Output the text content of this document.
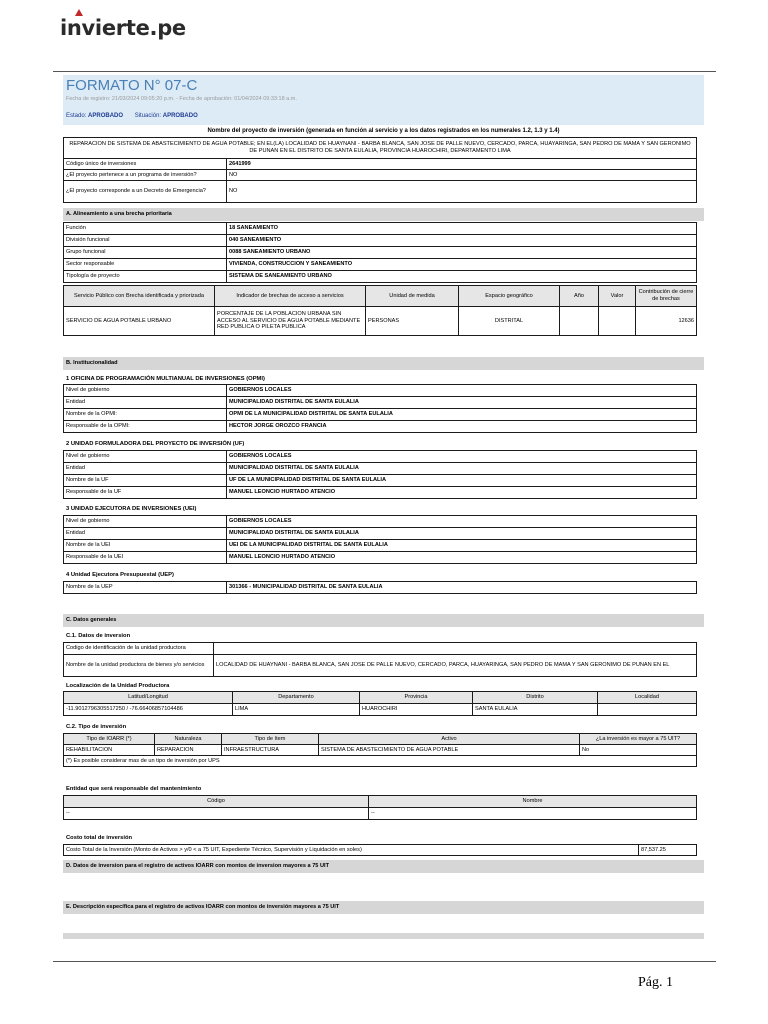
invierte.pe
FORMATO N° 07-C
Fecha de registro: 21/03/2024 09:05:20 p.m. - Fecha de aprobación: 01/04/2024 09:33:18 a.m.
Estado: APROBADO Situación: APROBADO
Nombre del proyecto de inversión (generada en función al servicio y a los datos registrados en los numerales 1.2, 1.3 y 1.4)
REPARACION DE SISTEMA DE ABASTECIMIENTO DE AGUA POTABLE; EN EL(LA) LOCALIDAD DE HUAYNANI - BARBA BLANCA, SAN JOSE DE PALLE NUEVO, CERCADO, PARCA, HUAYARINGA, SAN PEDRO DE MAMA Y SAN GERONIMO DE PUNAN EN EL DISTRITO DE SANTA EULALIA, PROVINCIA HUAROCHIRI, DEPARTAMENTO LIMA	
Código único de inversiones	2641999
¿El proyecto pertenece a un programa de inversión?	NO
¿El proyecto corresponde a un Decreto de Emergencia?	NO
A. Alineamiento a una brecha prioritaria
Función	18 SANEAMIENTO
División funcional	040 SANEAMIENTO
Grupo funcional	0088 SANEAMIENTO URBANO
Sector responsable	VIVIENDA, CONSTRUCCION Y SANEAMIENTO
Tipología de proyecto	SISTEMA DE SANEAMIENTO URBANO
Servicio Público con Brecha identificada y priorizada	Indicador de brechas de acceso a servicios	Unidad de medida	Espacio geográfico	Año	Valor	Contribución de cierre de brechas
SERVICIO DE AGUA POTABLE URBANO	PORCENTAJE DE LA POBLACION URBANA SIN ACCESO AL SERVICIO DE AGUA POTABLE MEDIANTE RED PUBLICA O PILETA PUBLICA	PERSONAS	DISTRITAL			12636
B. Institucionalidad
1 OFICINA DE PROGRAMACIÓN MULTIANUAL DE INVERSIONES (OPMI)
Nivel de gobierno	GOBIERNOS LOCALES
Entidad	MUNICIPALIDAD DISTRITAL DE SANTA EULALIA
Nombre de la OPMI:	OPMI DE LA MUNICIPALIDAD DISTRITAL DE SANTA EULALIA
Responsable de la OPMI:	HECTOR JORGE OROZCO FRANCIA
2 UNIDAD FORMULADORA DEL PROYECTO DE INVERSIÓN (UF)
Nivel de gobierno	GOBIERNOS LOCALES
Entidad	MUNICIPALIDAD DISTRITAL DE SANTA EULALIA
Nombre de la UF	UF DE LA MUNICIPALIDAD DISTRITAL DE SANTA EULALIA
Responsable de la UF	MANUEL LEONCIO HURTADO ATENCIO
3 UNIDAD EJECUTORA DE INVERSIONES (UEI)
Nivel de gobierno	GOBIERNOS LOCALES
Entidad	MUNICIPALIDAD DISTRITAL DE SANTA EULALIA
Nombre de la UEI	UEI DE LA MUNICIPALIDAD DISTRITAL DE SANTA EULALIA
Responsable de la UEI	MANUEL LEONCIO HURTADO ATENCIO
4 Unidad Ejecutora Presupuestal (UEP)
Nombre de la UEP	301366 - MUNICIPALIDAD DISTRITAL DE SANTA EULALIA
C. Datos generales
C.1. Datos de inversion
Codigo de identificación de la unidad productora	
Nombre de la unidad productora de bienes y/o servicios	LOCALIDAD DE HUAYNANI - BARBA BLANCA, SAN JOSE DE PALLE NUEVO, CERCADO, PARCA, HUAYARINGA, SAN PEDRO DE MAMA Y SAN GERONIMO DE PUNAN EN EL
Localización de la Unidad Productora
Latitud/Longitud	Departamento	Provincia	Distrito	Localidad
-11.9012796305517250 / -76.66406857104486	LIMA	HUAROCHIRI	SANTA EULALIA	
C.2. Tipo de inversión
Tipo de IOARR (*)	Naturaleza	Tipo de ítem	Activo	¿La inversión es mayor a 75 UIT?
REHABILITACION	REPARACION	INFRAESTRUCTURA	SISTEMA DE ABASTECIMIENTO DE AGUA POTABLE	No
(*) Es posible considerar mas de un tipo de inversión por UPS				
Entidad que será responsable del mantenimiento
Código	Nombre
--	--
Costo total de inversión
Costo Total de la Inversión (Monto de Activos > y/0 < a 75 UIT, Expediente Técnico, Supervisión y Liquidación en soles)	87,537.25
D. Datos de inversion para el registro de activos IOARR con montos de inversion mayores a 75 UIT
E. Descripción específica para el registro de activos IOARR con montos de inversión mayores a 75 UIT
Pág. 1
